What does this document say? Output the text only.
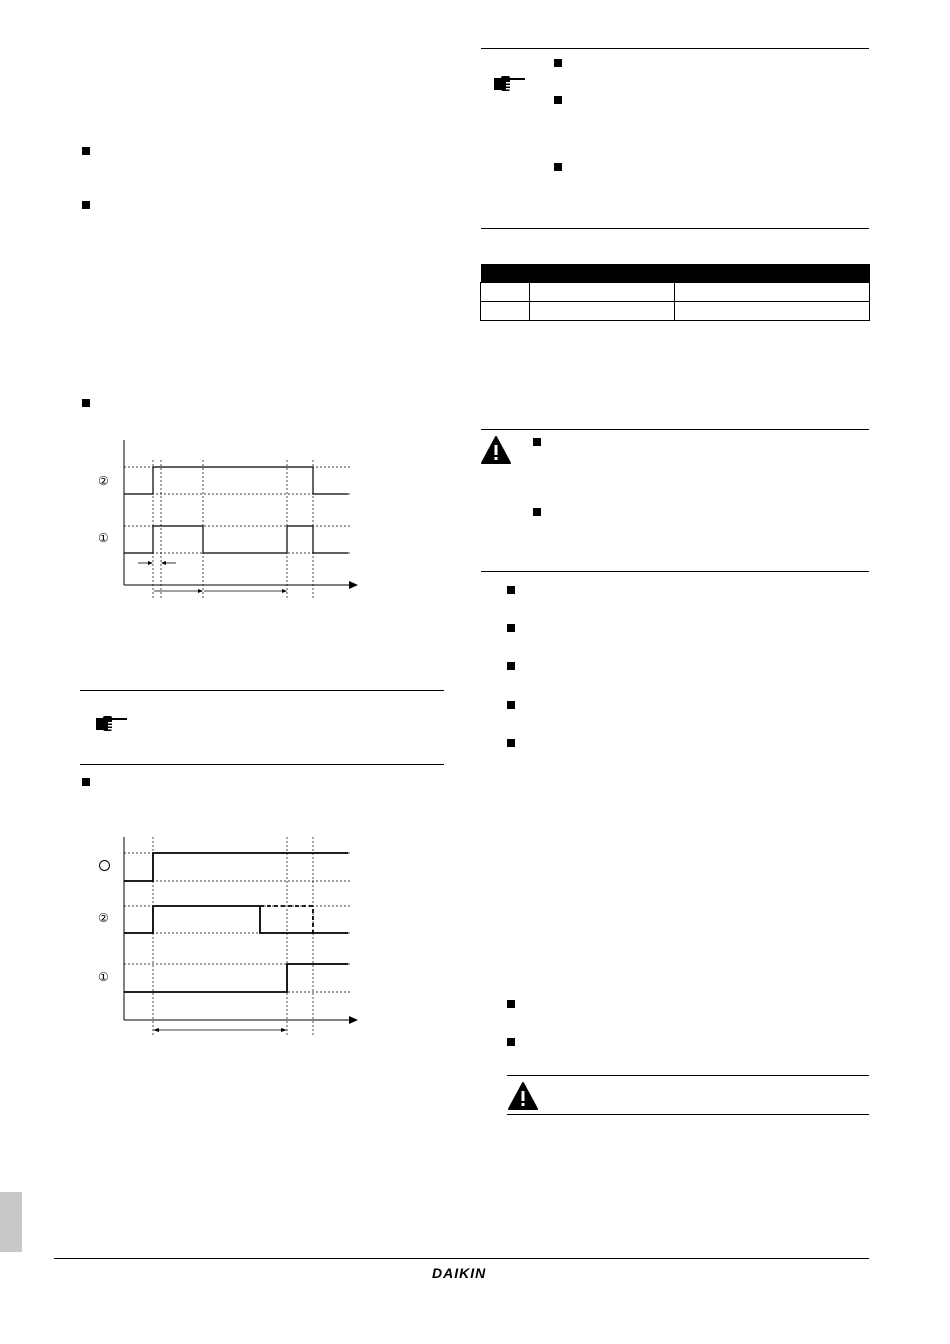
②
①
②
①

DAIKIN
